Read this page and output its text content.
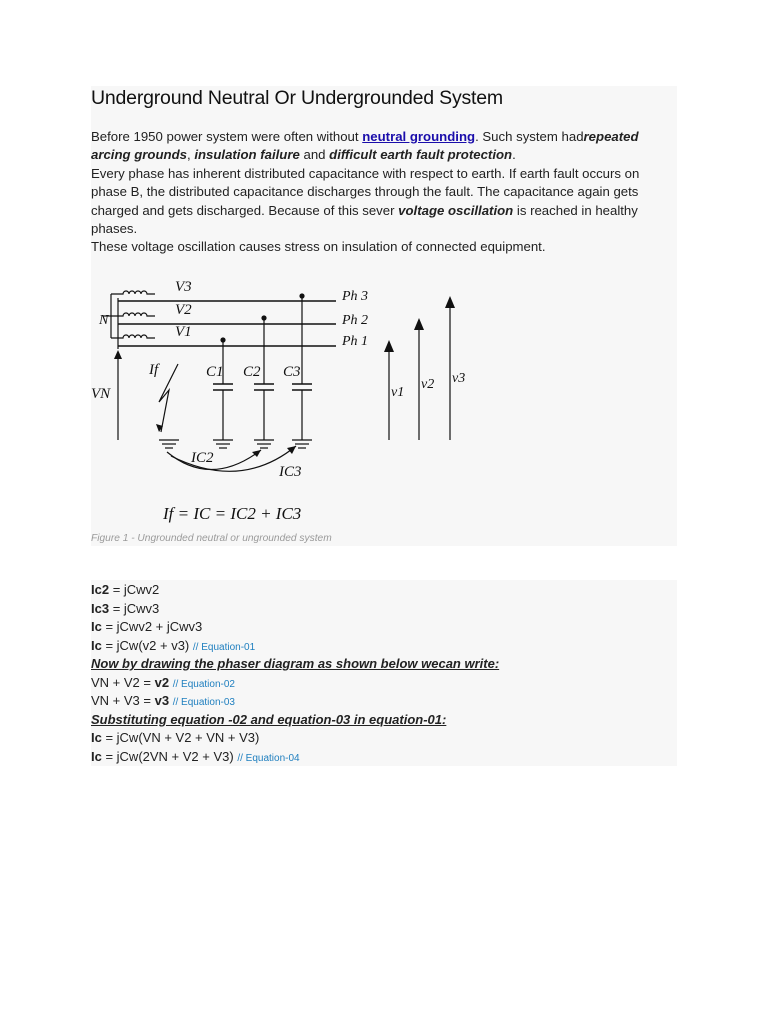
Underground Neutral Or Undergrounded System

Before 1950 power system were often without neutral grounding. Such system hadrepeated arcing grounds, insulation failure and difficult earth fault protection.

Every phase has inherent distributed capacitance with respect to earth. If earth fault occurs on phase B, the distributed capacitance discharges through the fault. The capacitance again gets charged and gets discharged. Because of this sever voltage oscillation is reached in healthy phases.

These voltage oscillation causes stress on insulation of connected equipment.

V3
V2
V1
N
Ph 3
Ph 2
Ph 1
VN
If	C1 C2 C3
IC2
IC3
v1
v2 v3
If = IC = IC2 + IC3
Figure 1 - Ungrounded neutral or ungrounded system
Ic2 = jCwv2
Ic3 = jCwv3
Ic = jCwv2 + jCwv3
Ic = jCw(v2 + v3) // Equation-01
Now by drawing the phaser diagram as shown below wecan write:
VN + V2 = v2 // Equation-02
VN + V3 = v3 // Equation-03
Substituting equation -02 and equation-03 in equation-01:
Ic = jCw(VN + V2 + VN + V3)
Ic = jCw(2VN + V2 + V3) // Equation-04
